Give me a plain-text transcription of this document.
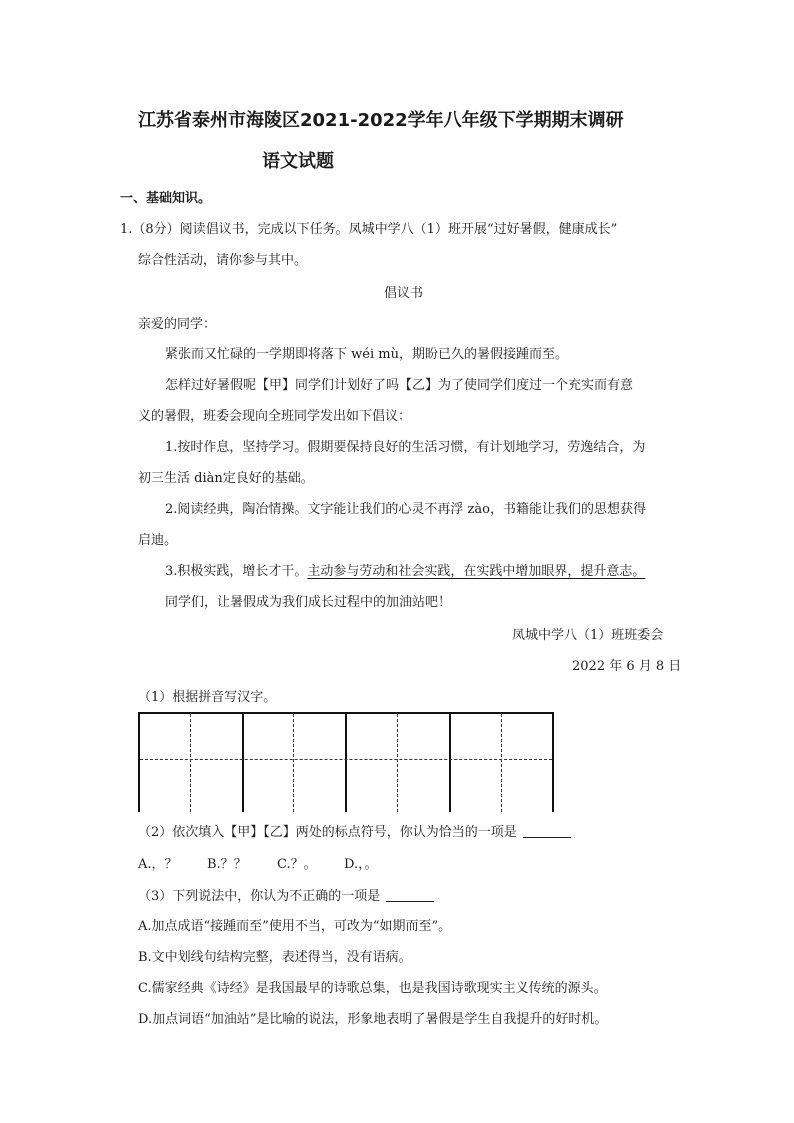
江苏省泰州市海陵区2021-2022学年八年级下学期期末调研
语文试题
一、基础知识。
1.（8分）阅读倡议书，完成以下任务。凤城中学八（1）班开展“过好暑假，健康成长”
综合性活动，请你参与其中。
倡议书
亲爱的同学：
紧张而又忙碌的一学期即将落下 wéi mù，期盼已久的暑假接踵而至。
怎样过好暑假呢【甲】同学们计划好了吗【乙】为了使同学们度过一个充实而有意
义的暑假，班委会现向全班同学发出如下倡议：
1.按时作息，坚持学习。假期要保持良好的生活习惯，有计划地学习，劳逸结合，为
初三生活 diàn定良好的基础。
2.阅读经典，陶冶情操。文字能让我们的心灵不再浮 zào，书籍能让我们的思想获得
启迪。
3.积极实践，增长才干。主动参与劳动和社会实践，在实践中增加眼界，提升意志。
同学们，让暑假成为我们成长过程中的加油站吧！
凤城中学八（1）班班委会
2022 年 6 月 8 日
（1）根据拼音写汉字。
（2）依次填入【甲】【乙】两处的标点符号，你认为恰当的一项是
A.，？ B.？？ C.？。 D.，。
（3）下列说法中，你认为不正确的一项是
A.加点成语“接踵而至”使用不当，可改为“如期而至”。
B.文中划线句结构完整，表述得当，没有语病。
C.儒家经典《诗经》是我国最早的诗歌总集，也是我国诗歌现实主义传统的源头。
D.加点词语“加油站”是比喻的说法，形象地表明了暑假是学生自我提升的好时机。
